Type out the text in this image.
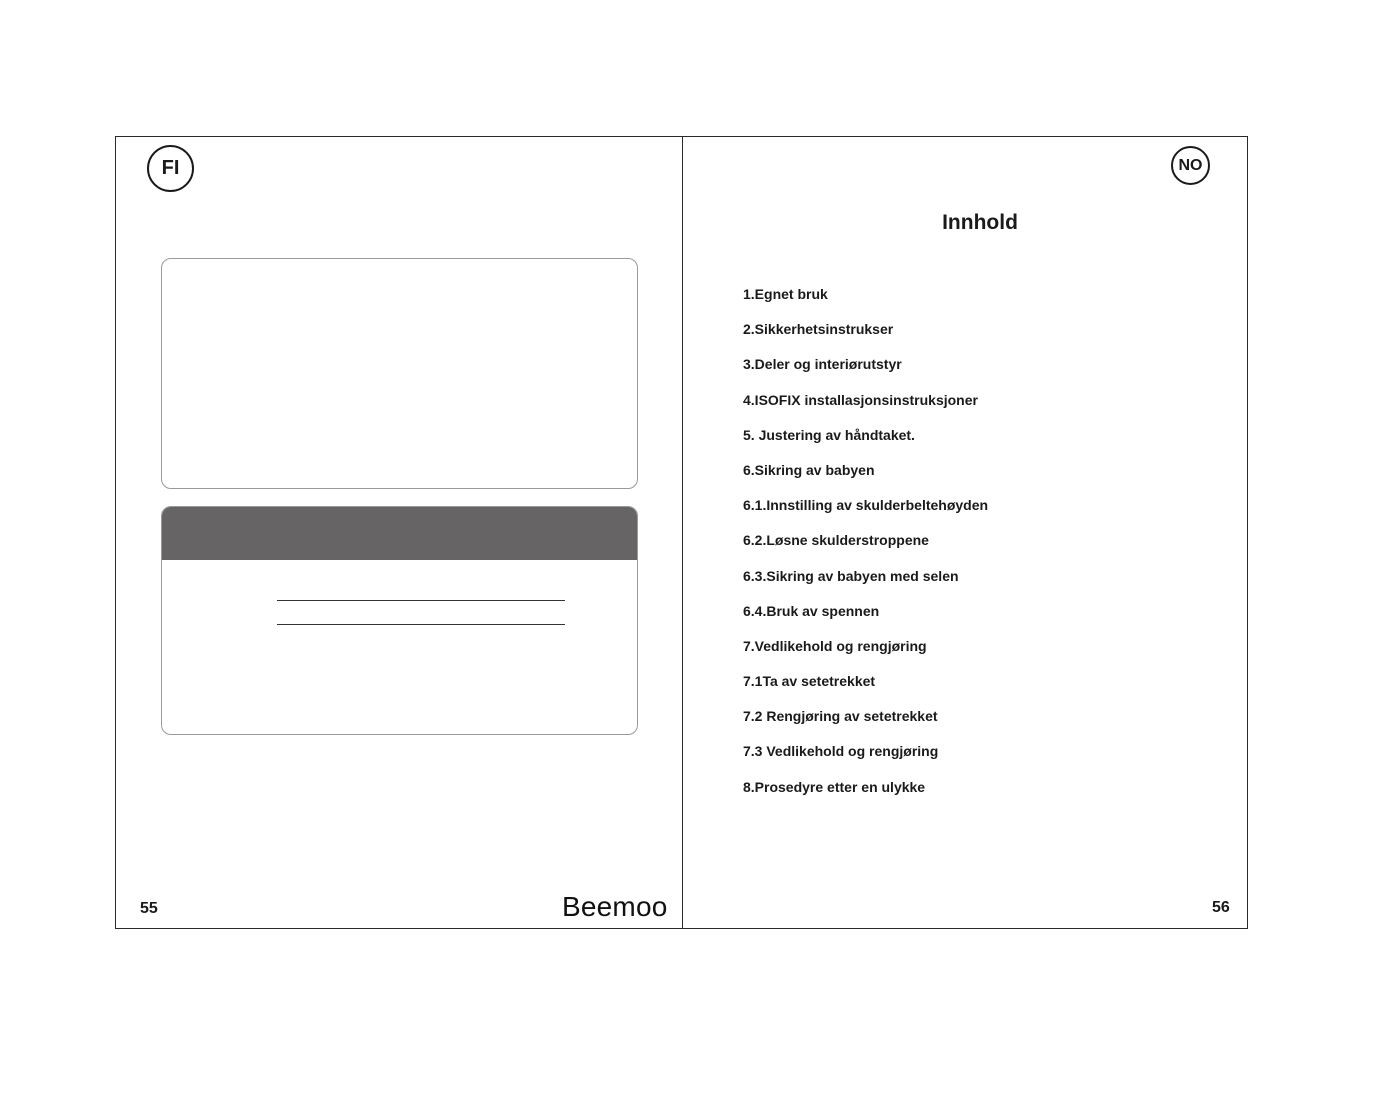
FI
55	Beemoo
NO
Innhold
1.Egnet bruk
2.Sikkerhetsinstrukser
3.Deler og interiørutstyr
4.ISOFIX installasjonsinstruksjoner
5. Justering av håndtaket.
6.Sikring av babyen
6.1.Innstilling av skulderbeltehøyden
6.2.Løsne skulderstroppene
6.3.Sikring av babyen med selen
6.4.Bruk av spennen
7.Vedlikehold og rengjøring
7.1Ta av setetrekket
7.2 Rengjøring av setetrekket
7.3 Vedlikehold og rengjøring
8.Prosedyre etter en ulykke
56
